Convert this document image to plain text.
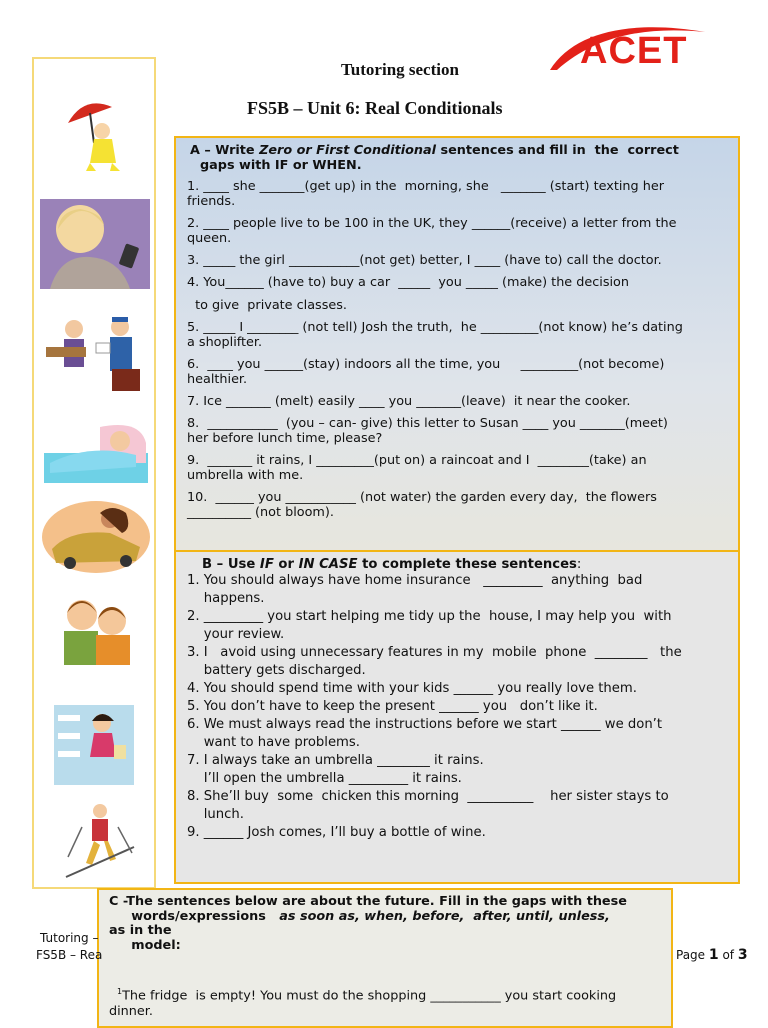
ACET
Tutoring section
FS5B – Unit 6: Real Conditionals
A – Write Zero or First Conditional sentences and fill in  the  correct
gaps with IF or WHEN.
1. ____ she _______(get up) in the  morning, she   _______ (start) texting her
friends.
2. ____ people live to be 100 in the UK, they ______(receive) a letter from the
queen.
3. _____ the girl ___________(not get) better, I ____ (have to) call the doctor.
4. You______ (have to) buy a car  _____  you _____ (make) the decision
to give  private classes.
5. _____ I ________ (not tell) Josh the truth,  he _________(not know) he’s dating
a shoplifter.
6.  ____ you ______(stay) indoors all the time, you     _________(not become)
healthier.
7. Ice _______ (melt) easily ____ you _______(leave)  it near the cooker.
8.  ___________  (you – can- give) this letter to Susan ____ you _______(meet)
her before lunch time, please?
9.  _______ it rains, I _________(put on) a raincoat and I  ________(take) an
umbrella with me.
10.  ______ you ___________ (not water) the garden every day,  the flowers
__________ (not bloom).
B – Use IF or IN CASE to complete these sentences:
1. You should always have home insurance   _________  anything  bad
happens.
2. _________ you start helping me tidy up the  house, I may help you  with
your review.
3. I   avoid using unnecessary features in my  mobile  phone  ________   the
battery gets discharged.
4. You should spend time with your kids ______ you really love them.
5. You don’t have to keep the present ______ you   don’t like it.
6. We must always read the instructions before we start ______ we don’t
want to have problems.
7. I always take an umbrella ________ it rains.
I’ll open the umbrella _________ it rains.
8. She’ll buy  some  chicken this morning  __________    her sister stays to
lunch.
9. ______ Josh comes, I’ll buy a bottle of wine.
C -The sentences below are about the future. Fill in the gaps with these
words/expressions   as soon as, when, before,  after, until, unless,
as in the
model:
$^1$The fridge  is empty! You must do the shopping ___________ you start cooking
dinner.
Tutoring –
FS5B – Rea	Page 1 of 3
